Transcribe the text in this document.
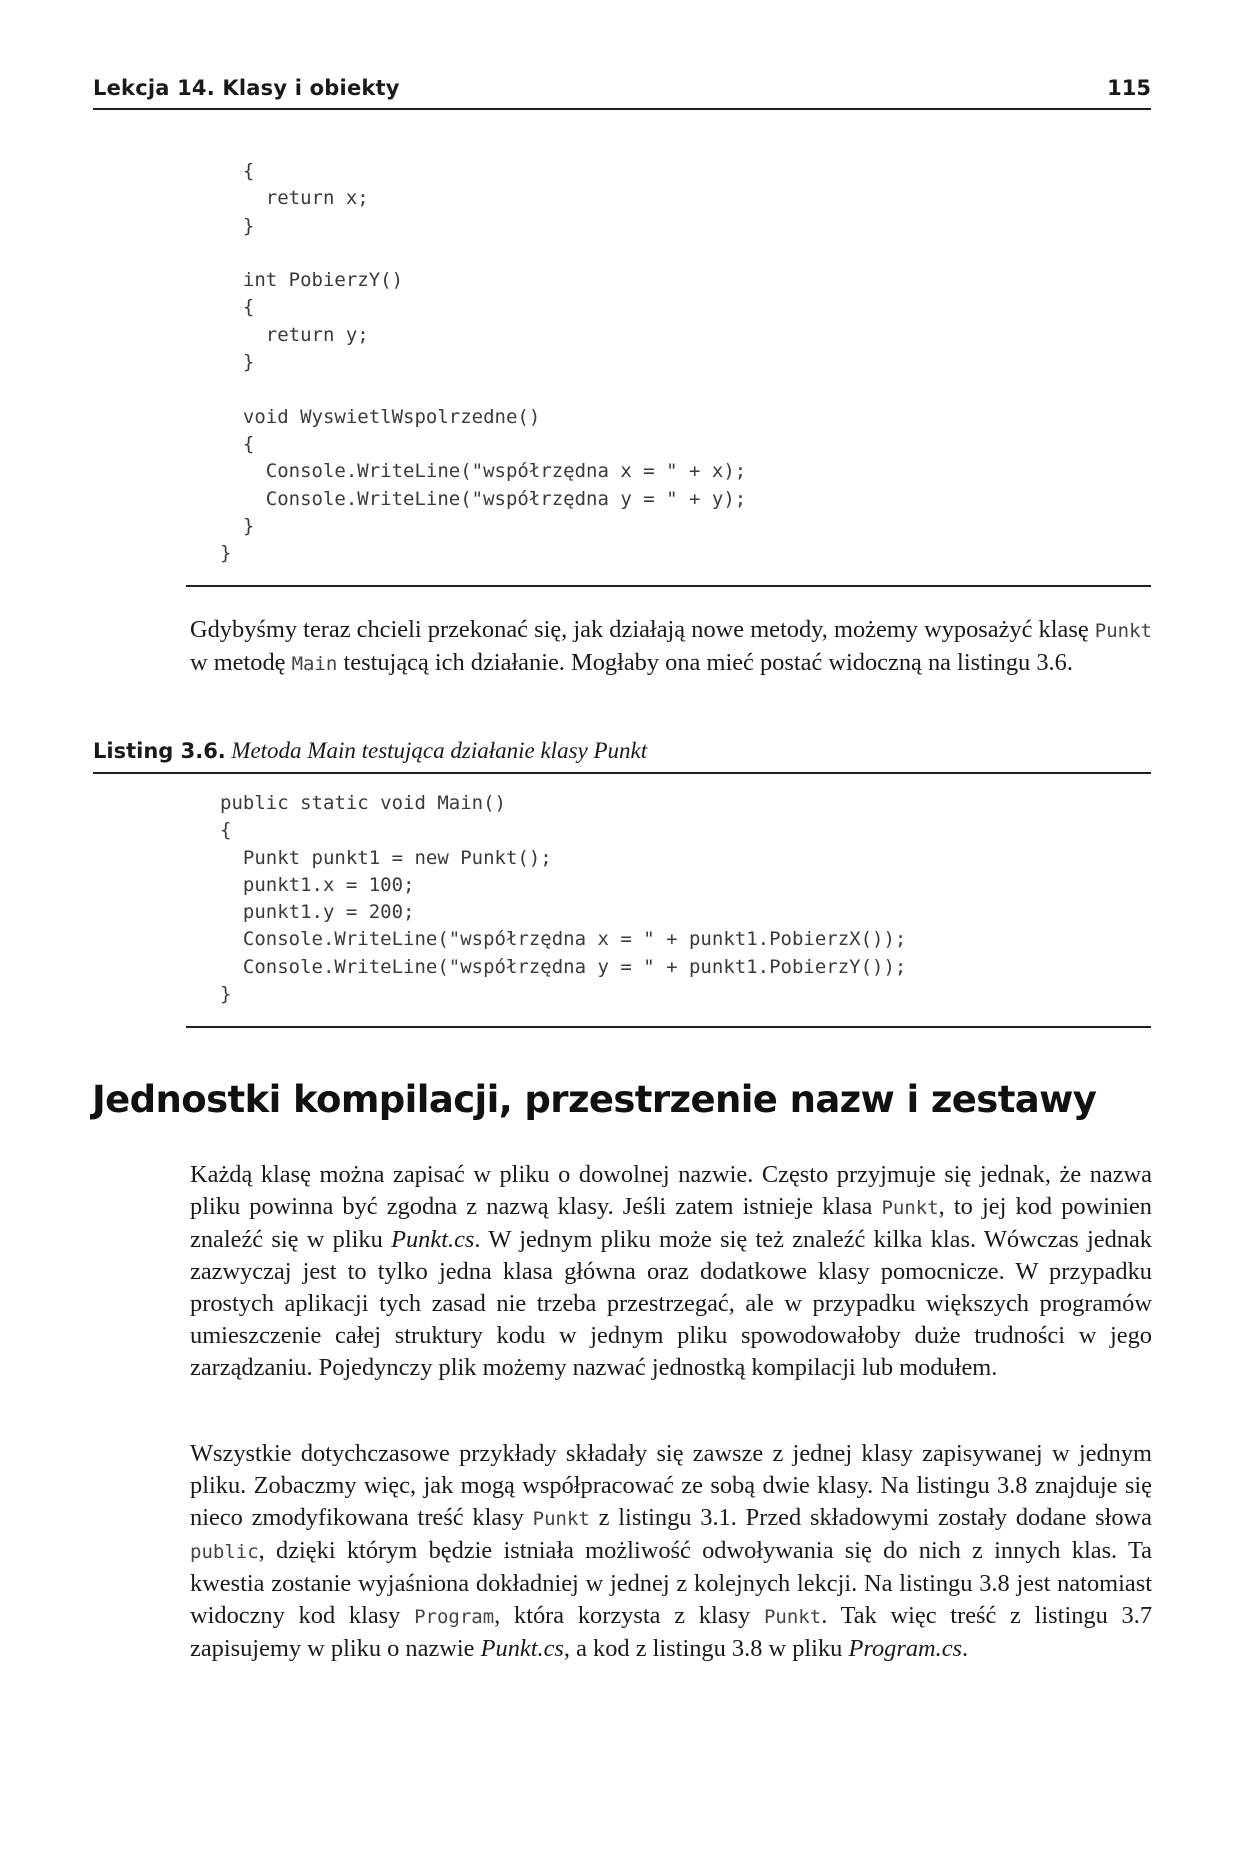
Lekcja 14. Klasy i obiekty	115
{
return x;
}
int PobierzY()
{
return y;
}
void WyswietlWspolrzedne()
{
Console.WriteLine("współrzędna x = " + x);
Console.WriteLine("współrzędna y = " + y);
}
}

Gdybyśmy teraz chcieli przekonać się, jak działają nowe metody, możemy wyposażyć klasę Punkt w metodę Main testującą ich działanie. Mogłaby ona mieć postać widoczną na listingu 3.6.

Listing 3.6. Metoda Main testująca działanie klasy Punkt
public static void Main()
{
Punkt punkt1 = new Punkt();
punkt1.x = 100;
punkt1.y = 200;
Console.WriteLine("współrzędna x = " + punkt1.PobierzX());
Console.WriteLine("współrzędna y = " + punkt1.PobierzY());
}
Jednostki kompilacji, przestrzenie nazw i zestawy

Każdą klasę można zapisać w pliku o dowolnej nazwie. Często przyjmuje się jednak, że nazwa pliku powinna być zgodna z nazwą klasy. Jeśli zatem istnieje klasa Punkt, to jej kod powinien znaleźć się w pliku Punkt.cs. W jednym pliku może się też znaleźć kilka klas. Wówczas jednak zazwyczaj jest to tylko jedna klasa główna oraz dodatkowe klasy pomocnicze. W przypadku prostych aplikacji tych zasad nie trzeba przestrzegać, ale w przypadku większych programów umieszczenie całej struktury kodu w jednym pliku spowodowałoby duże trudności w jego zarządzaniu. Pojedynczy plik możemy nazwać jednostką kompilacji lub modułem.

Wszystkie dotychczasowe przykłady składały się zawsze z jednej klasy zapisywanej w jednym pliku. Zobaczmy więc, jak mogą współpracować ze sobą dwie klasy. Na listingu 3.8 znajduje się nieco zmodyfikowana treść klasy Punkt z listingu 3.1. Przed składowymi zostały dodane słowa public, dzięki którym będzie istniała możliwość odwoływania się do nich z innych klas. Ta kwestia zostanie wyjaśniona dokładniej w jednej z kolejnych lekcji. Na listingu 3.8 jest natomiast widoczny kod klasy Program, która korzysta z klasy Punkt. Tak więc treść z listingu 3.7 zapisujemy w pliku o nazwie Punkt.cs, a kod z listingu 3.8 w pliku Program.cs.
